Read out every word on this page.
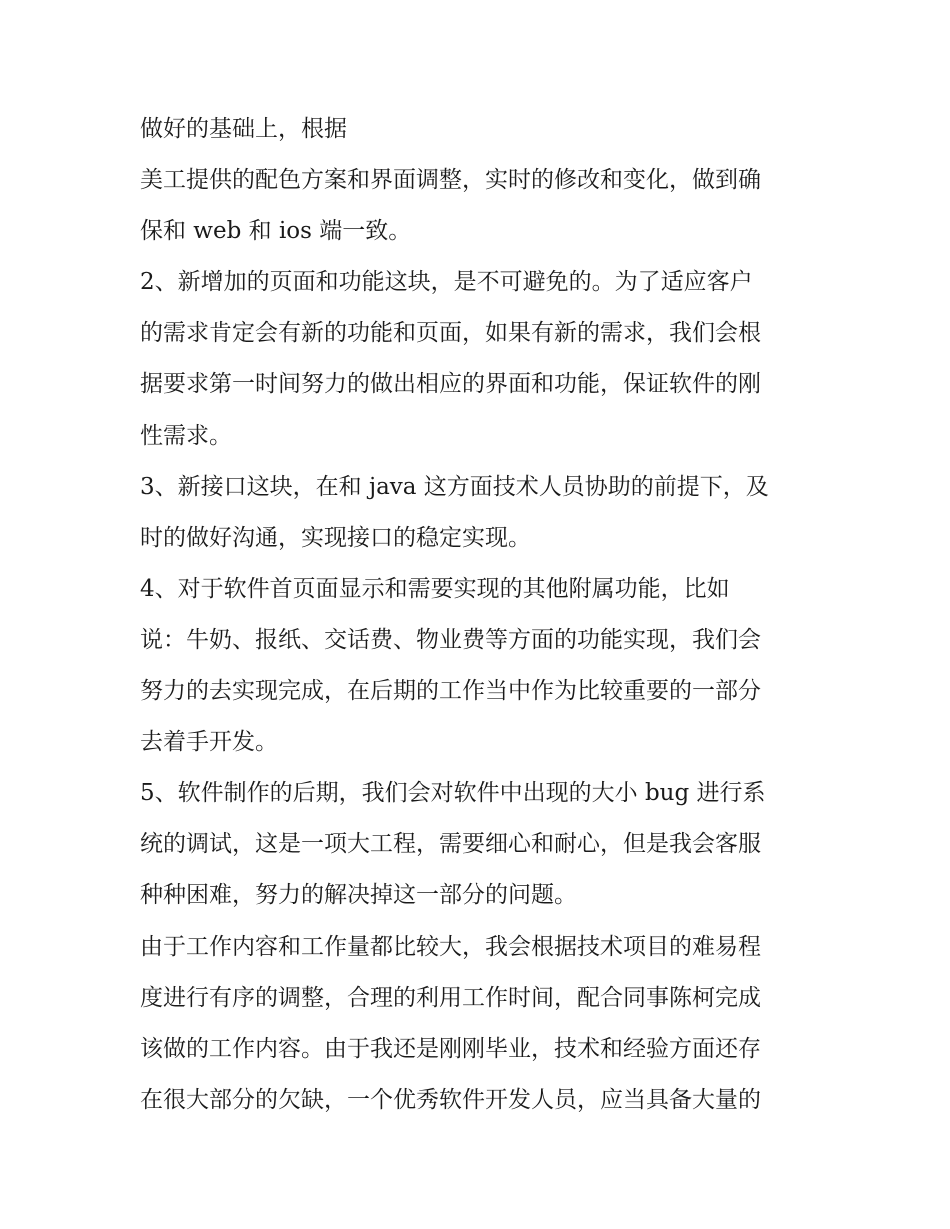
做好的基础上，根据
美工提供的配色方案和界面调整，实时的修改和变化，做到确
保和 web 和 ios 端一致。
2、新增加的页面和功能这块，是不可避免的。为了适应客户
的需求肯定会有新的功能和页面，如果有新的需求，我们会根
据要求第一时间努力的做出相应的界面和功能，保证软件的刚
性需求。
3、新接口这块，在和 java 这方面技术人员协助的前提下，及
时的做好沟通，实现接口的稳定实现。
4、对于软件首页面显示和需要实现的其他附属功能，比如
说：牛奶、报纸、交话费、物业费等方面的功能实现，我们会
努力的去实现完成，在后期的工作当中作为比较重要的一部分
去着手开发。
5、软件制作的后期，我们会对软件中出现的大小 bug 进行系
统的调试，这是一项大工程，需要细心和耐心，但是我会客服
种种困难，努力的解决掉这一部分的问题。
由于工作内容和工作量都比较大，我会根据技术项目的难易程
度进行有序的调整，合理的利用工作时间，配合同事陈柯完成
该做的工作内容。由于我还是刚刚毕业，技术和经验方面还存
在很大部分的欠缺，一个优秀软件开发人员，应当具备大量的
